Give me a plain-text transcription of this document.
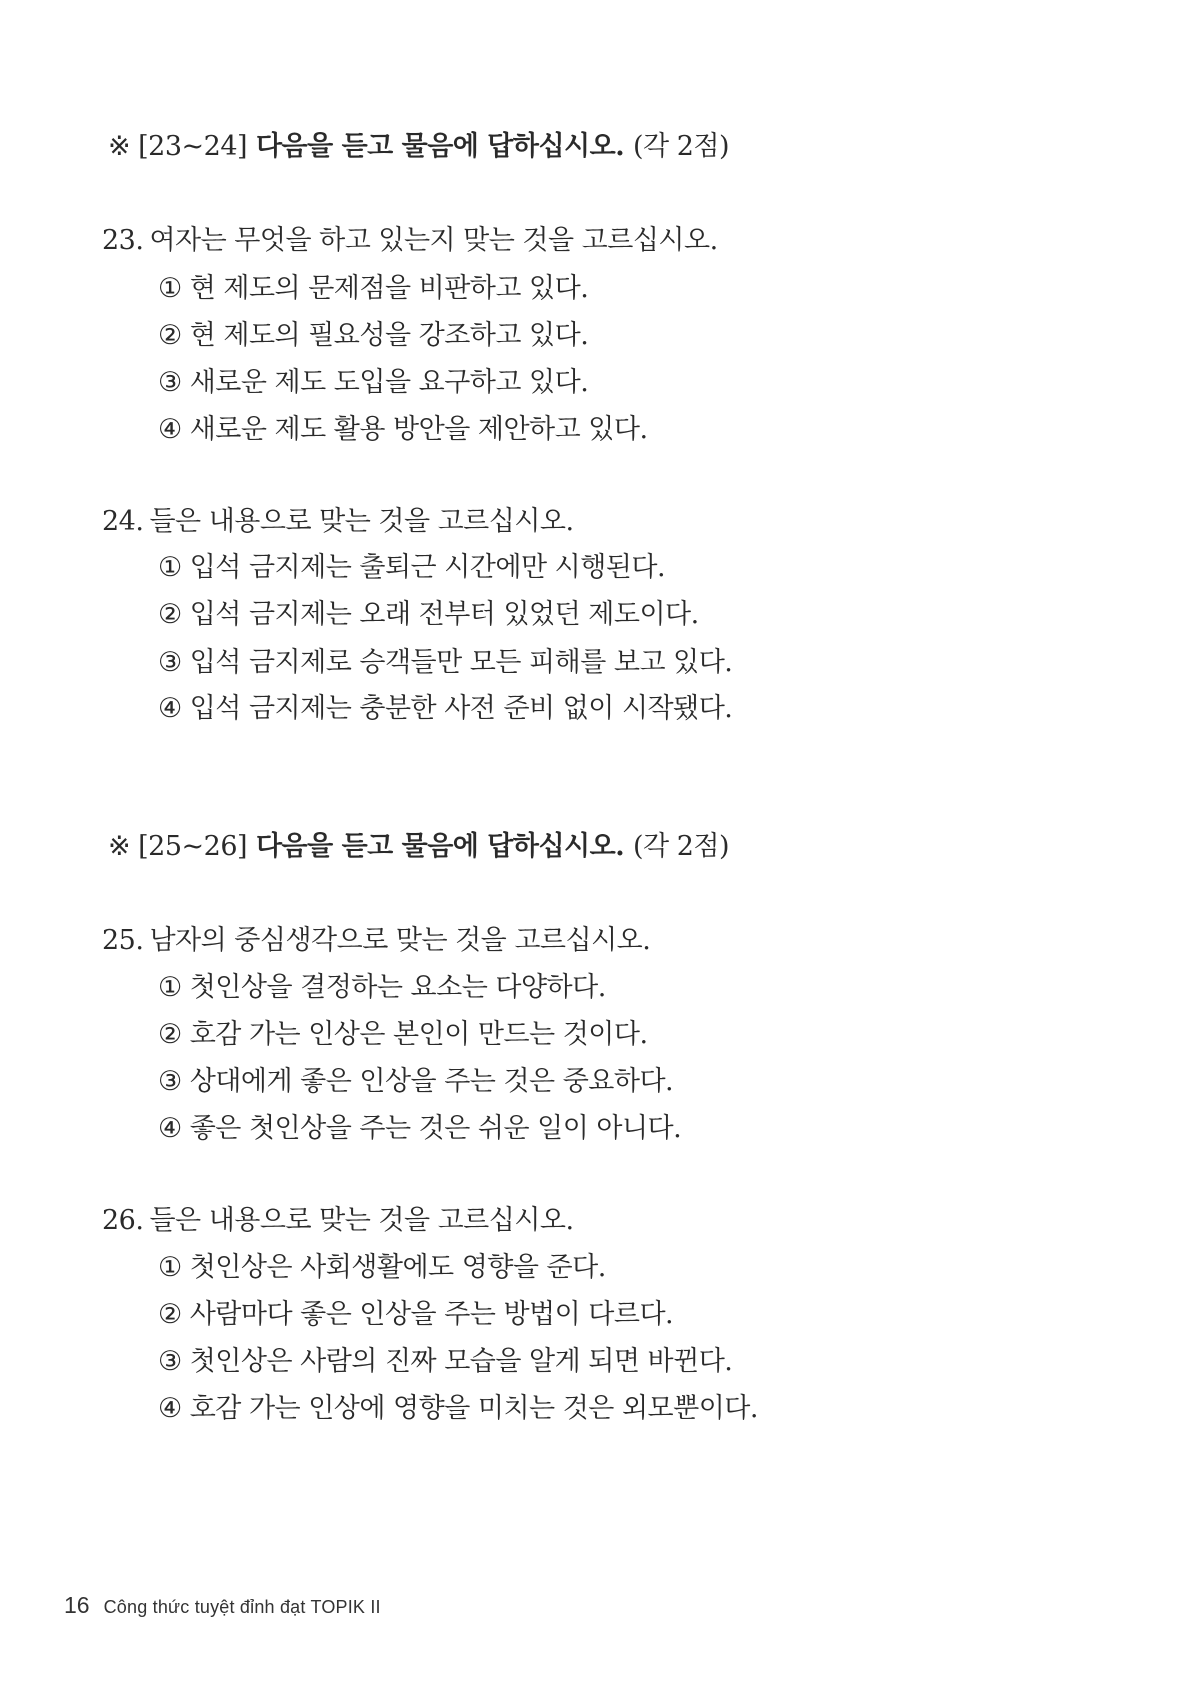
※ [23~24] 다음을 듣고 물음에 답하십시오. (각 2점)
23. 여자는 무엇을 하고 있는지 맞는 것을 고르십시오.
① 현 제도의 문제점을 비판하고 있다.
② 현 제도의 필요성을 강조하고 있다.
③ 새로운 제도 도입을 요구하고 있다.
④ 새로운 제도 활용 방안을 제안하고 있다.
24. 들은 내용으로 맞는 것을 고르십시오.
① 입석 금지제는 출퇴근 시간에만 시행된다.
② 입석 금지제는 오래 전부터 있었던 제도이다.
③ 입석 금지제로 승객들만 모든 피해를 보고 있다.
④ 입석 금지제는 충분한 사전 준비 없이 시작됐다.
※ [25~26] 다음을 듣고 물음에 답하십시오. (각 2점)
25. 남자의 중심생각으로 맞는 것을 고르십시오.
① 첫인상을 결정하는 요소는 다양하다.
② 호감 가는 인상은 본인이 만드는 것이다.
③ 상대에게 좋은 인상을 주는 것은 중요하다.
④ 좋은 첫인상을 주는 것은 쉬운 일이 아니다.
26. 들은 내용으로 맞는 것을 고르십시오.
① 첫인상은 사회생활에도 영향을 준다.
② 사람마다 좋은 인상을 주는 방법이 다르다.
③ 첫인상은 사람의 진짜 모습을 알게 되면 바뀐다.
④ 호감 가는 인상에 영향을 미치는 것은 외모뿐이다.
16 Công thức tuyệt đỉnh đạt TOPIK II
